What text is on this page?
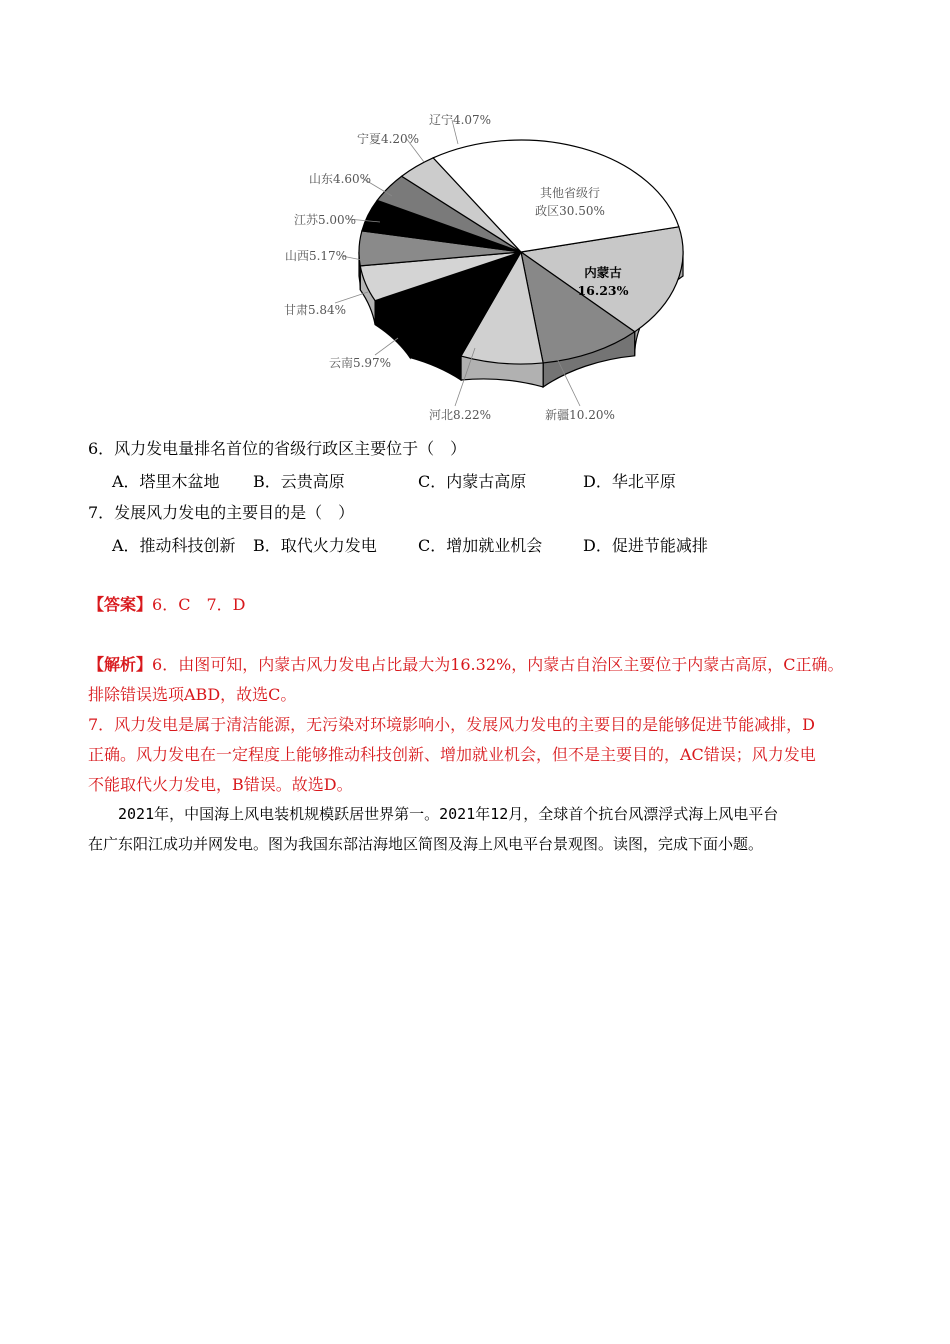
内蒙古
16.23%
新疆10.20%
河北8.22%
云南5.97%
甘肃5.84%
山西5.17%
江苏5.00%
山东4.60%
宁夏4.20%
辽宁4.07%
其他省级行
政区30.50%
6．风力发电量排名首位的省级行政区主要位于（　）
A．塔里木盆地 B．云贵高原	C．内蒙古高原	D．华北平原
7．发展风力发电的主要目的是（　）
A．推动科技创新 B．取代火力发电	C．增加就业机会	D．促进节能减排
【答案】6．C　7．D
【解析】6．由图可知，内蒙古风力发电占比最大为16.32%，内蒙古自治区主要位于内蒙古高原，C正确。
排除错误选项ABD，故选C。
7．风力发电是属于清洁能源，无污染对环境影响小，发展风力发电的主要目的是能够促进节能减排，D
正确。风力发电在一定程度上能够推动科技创新、增加就业机会，但不是主要目的，AC错误；风力发电
不能取代火力发电，B错误。故选D。
2021年，中国海上风电装机规模跃居世界第一。2021年12月，全球首个抗台风漂浮式海上风电平台
在广东阳江成功并网发电。图为我国东部沽海地区简图及海上风电平台景观图。读图，完成下面小题。
